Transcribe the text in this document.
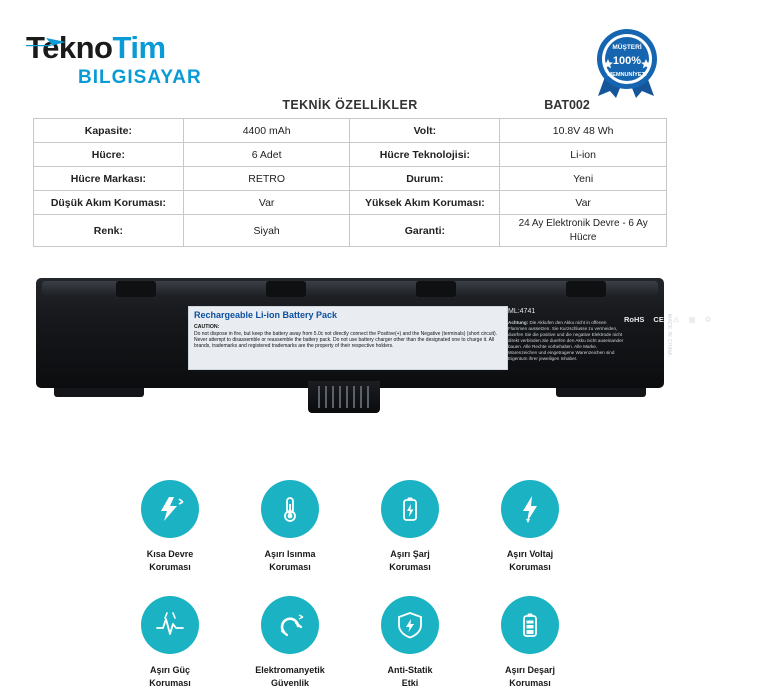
TeknoTim
BILGISAYAR
MÜŞTERİ
100%
MEMNUNİYETİ
TEKNİK ÖZELLİKLER	BAT002
Kapasite:	4400 mAh	Volt:	10.8V 48 Wh
Hücre:	6 Adet	Hücre Teknolojisi:	Li-ion
Hücre Markası:	RETRO	Durum:	Yeni
Düşük Akım Koruması:	Var	Yüksek Akım Koruması:	Var
Renk:	Siyah	Garanti:	24 Ay Elektronik Devre - 6 Ay Hücre
Rechargeable Li-ion Battery Pack
CAUTION:
Do not dispose in fire, but keep the battery away from 5.0c not directly connect the Positive(+) and the Negative (terminals) (short circuit). Never attempt to disassemble or reassemble the battery pack. Do not use battery charger other than the designated one to charge it. All brands, trademarks and registered trademarks are the property of their respective holders.
ML:4741
Achtung: Die Akkufen den Akku nicht in offenen Flammen aussetzen. Sie Kurzschlusse zu vermeiden, dusrfen Sie die positive und die negative Elektrode nicht direkt verbinden.Sie duerfen den Akku nicht auseinander bauen. Alle Rechte vorbehalten. Alle Marke, Warenzeichen und eingetragene Warenzeichen sind Eigentum ihrer jeweiligen Inhaber.
RoHS CE ⚠ ▣ ♻
MADE IN CHINA.
Kısa Devre
Koruması
Aşırı Isınma
Koruması
Aşırı Şarj
Koruması
Aşırı Voltaj
Koruması
Aşırı Güç
Koruması
Elektromanyetik
Güvenlik
Anti-Statik
Etki
Aşırı Deşarj
Koruması
